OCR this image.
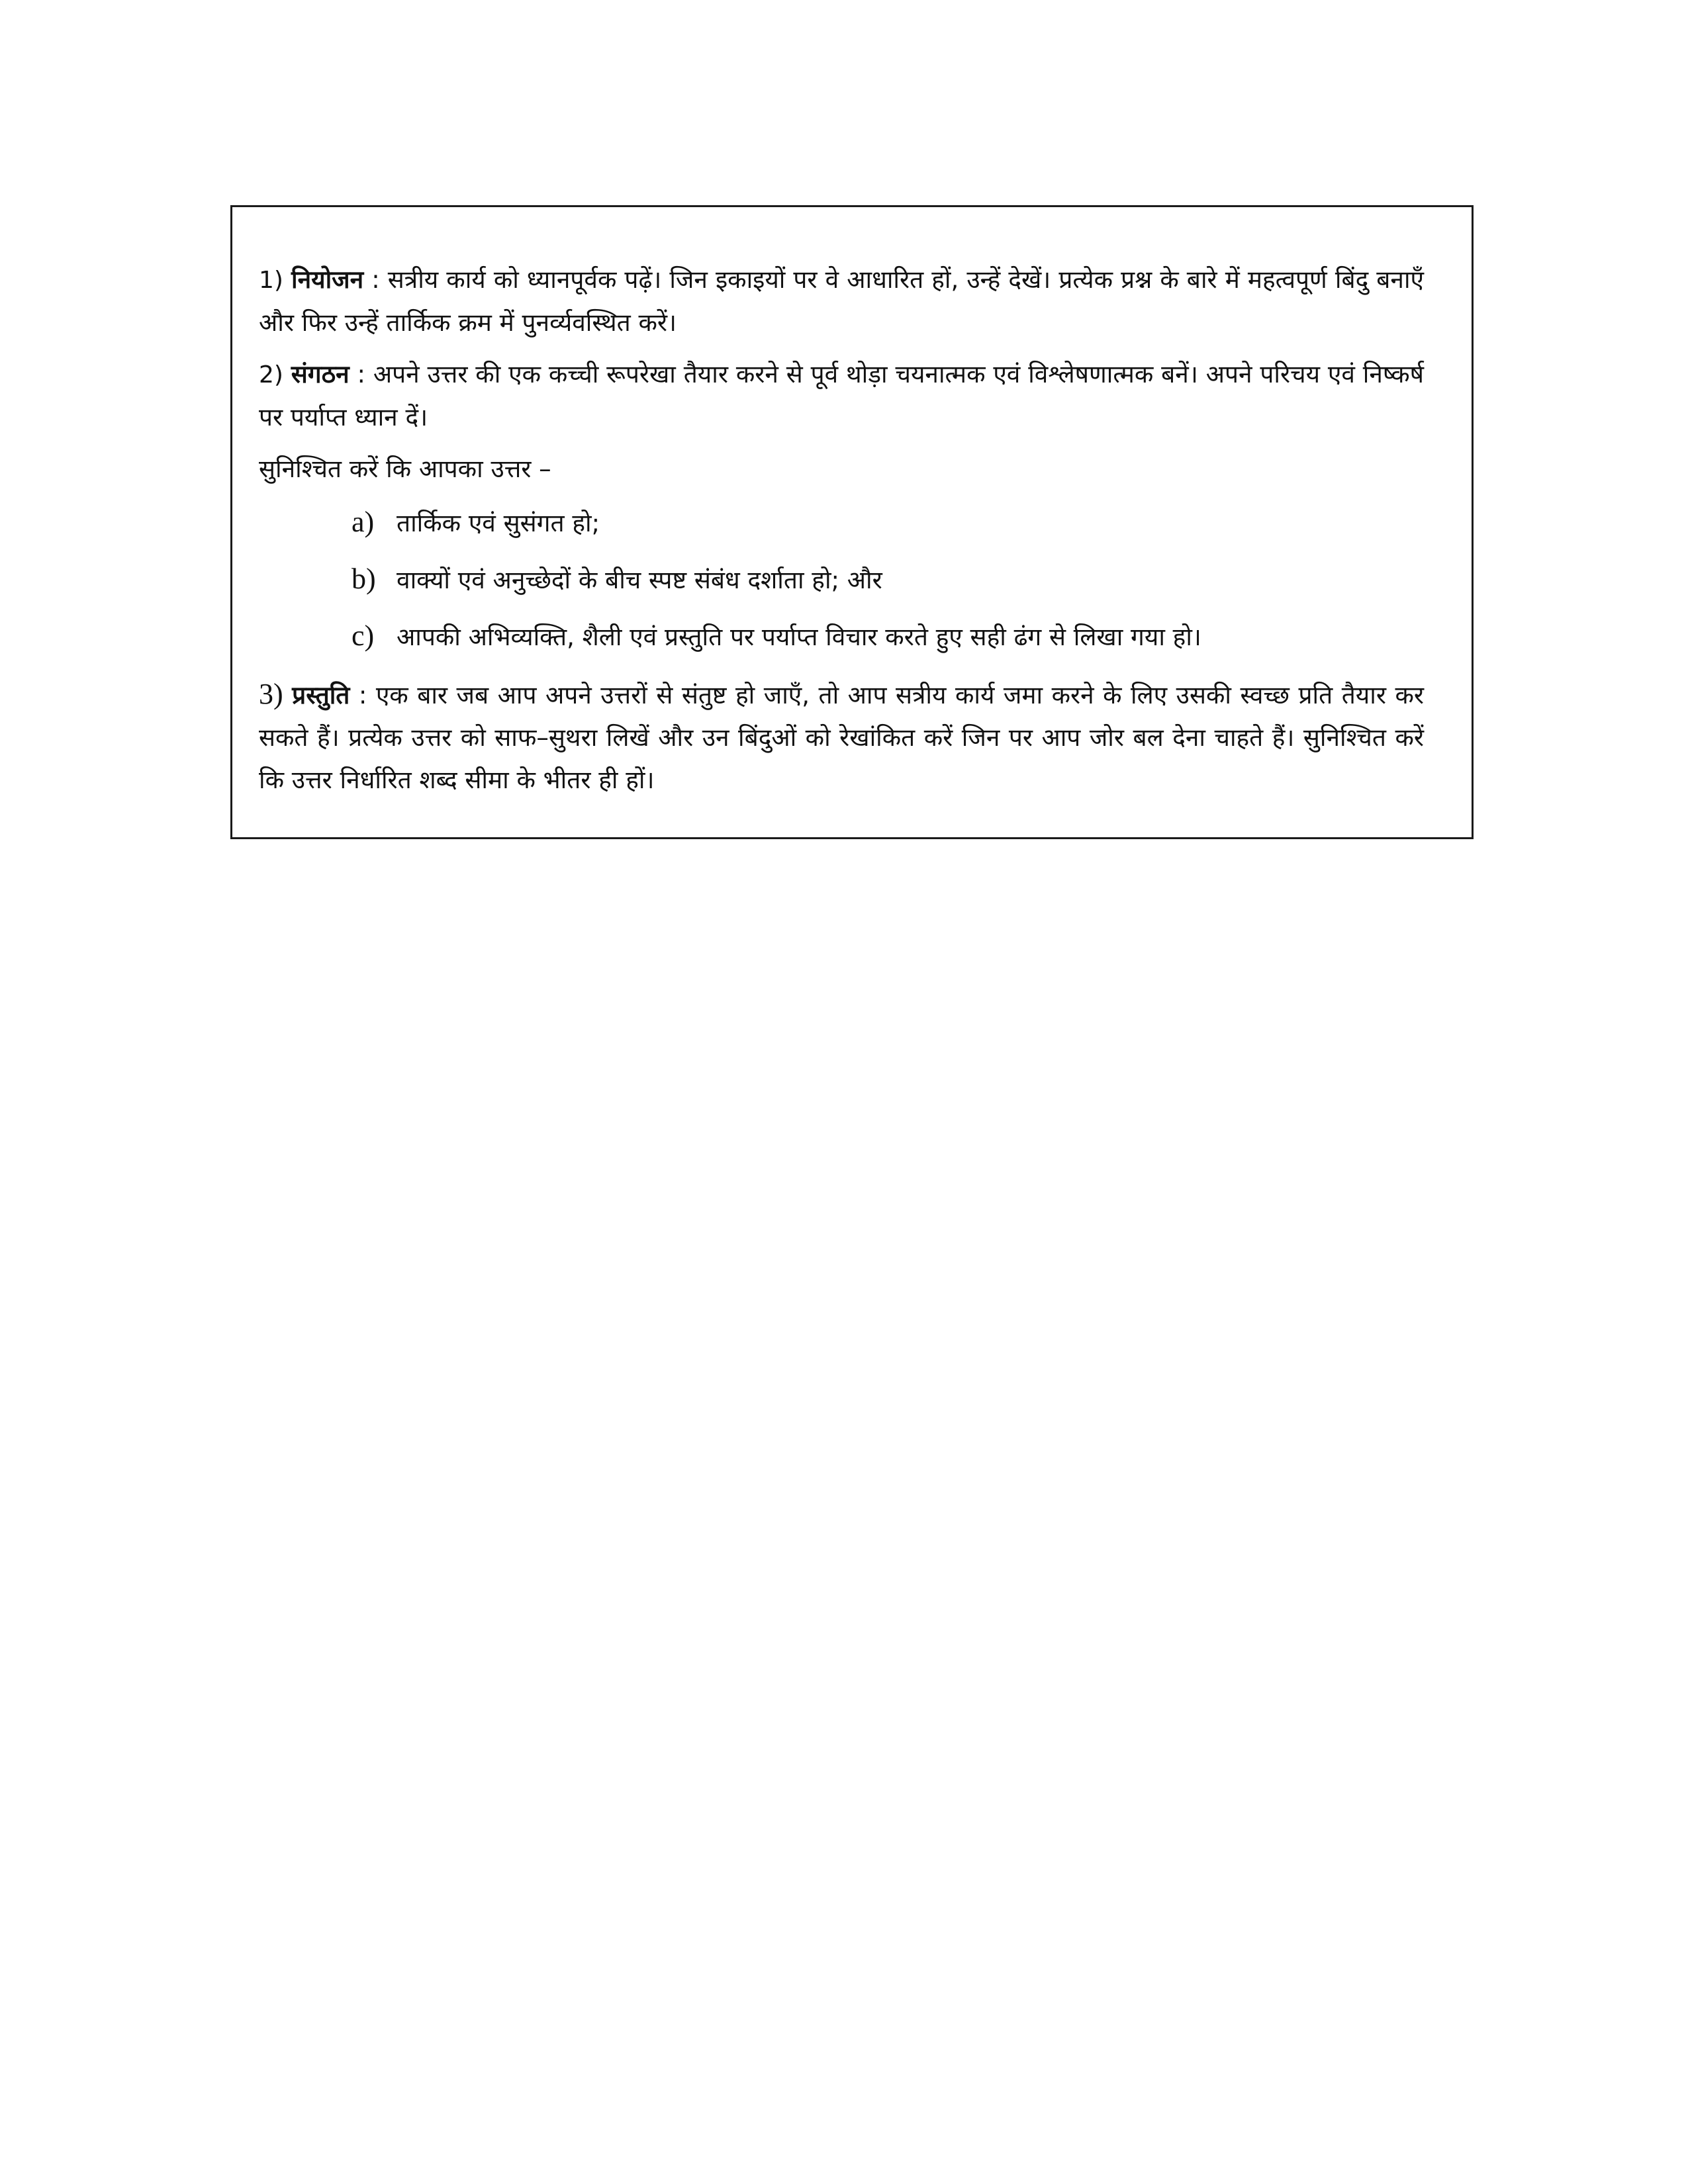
1) नियोजन : सत्रीय कार्य को ध्यानपूर्वक पढ़ें। जिन इकाइयों पर वे आधारित हों, उन्हें देखें। प्रत्येक प्रश्न के बारे में महत्वपूर्ण बिंदु बनाएँ और फिर उन्हें तार्किक क्रम में पुनर्व्यवस्थित करें।

2) संगठन : अपने उत्तर की एक कच्ची रूपरेखा तैयार करने से पूर्व थोड़ा चयनात्मक एवं विश्लेषणात्मक बनें। अपने परिचय एवं निष्कर्ष पर पर्याप्त ध्यान दें।

सुनिश्चित करें कि आपका उत्तर –

a) तार्किक एवं सुसंगत हो;
b) वाक्यों एवं अनुच्छेदों के बीच स्पष्ट संबंध दर्शाता हो; और
c) आपकी अभिव्यक्ति, शैली एवं प्रस्तुति पर पर्याप्त विचार करते हुए सही ढंग से लिखा गया हो।

3) प्रस्तुति : एक बार जब आप अपने उत्तरों से संतुष्ट हो जाएँ, तो आप सत्रीय कार्य जमा करने के लिए उसकी स्वच्छ प्रति तैयार कर सकते हैं। प्रत्येक उत्तर को साफ–सुथरा लिखें और उन बिंदुओं को रेखांकित करें जिन पर आप जोर बल देना चाहते हैं। सुनिश्चित करें कि उत्तर निर्धारित शब्द सीमा के भीतर ही हों।
